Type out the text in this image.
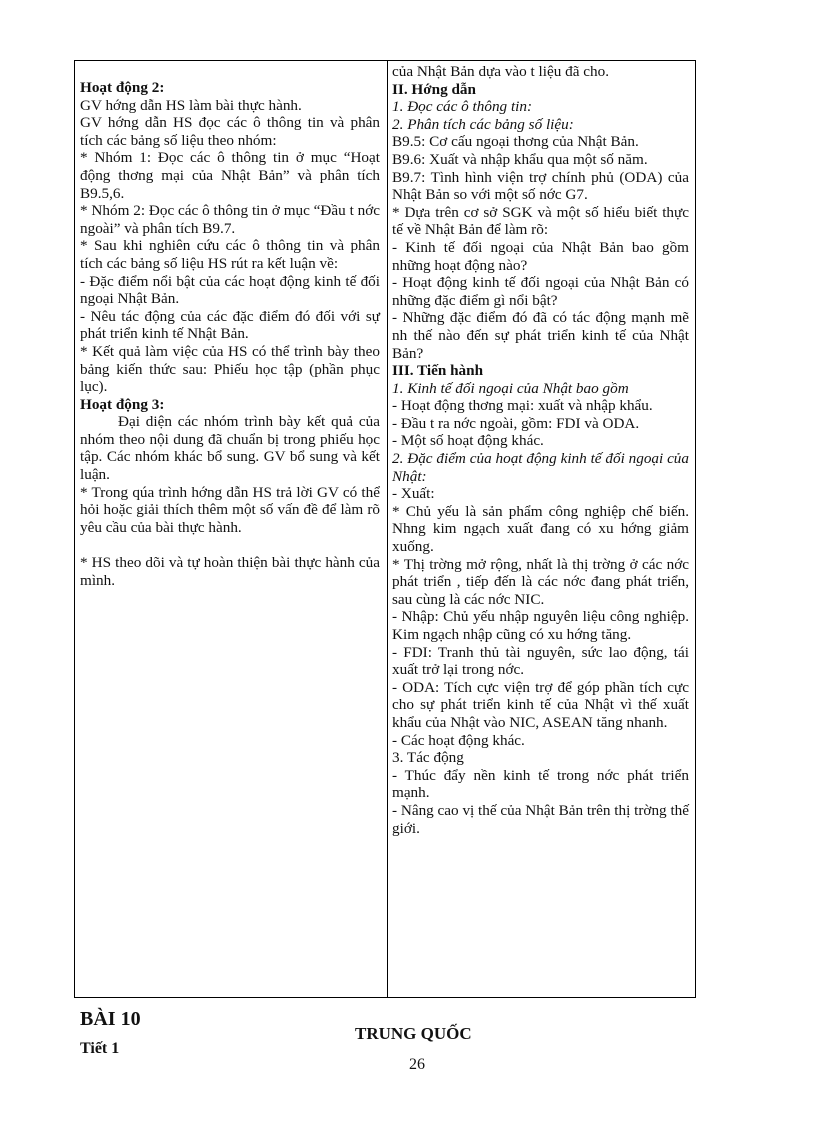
Hoạt động 2:

GV hớng dẫn HS làm bài thực hành.

GV hớng dẫn HS đọc các ô thông tin và phân tích các bảng số liệu theo nhóm:

* Nhóm 1: Đọc các ô thông tin ở mục “Hoạt động thơng mại của Nhật Bản” và phân tích B9.5,6.

* Nhóm 2: Đọc các ô thông tin ở mục “Đầu t nớc ngoài” và phân tích B9.7.

* Sau khi nghiên cứu các ô thông tin và phân tích các bảng số liệu HS rút ra kết luận về:

- Đặc điểm nổi bật của các hoạt động kinh tế đối ngoại Nhật Bản.

- Nêu tác động của các đặc điểm đó đối với sự phát triển kinh tế Nhật Bản.

* Kết quả làm việc của HS có thể trình bày theo bảng kiến thức sau: Phiếu học tập (phần phục lục).

Hoạt động 3:

Đại diện các nhóm trình bày kết quả của nhóm theo nội dung đã chuẩn bị trong phiếu học tập. Các nhóm khác bổ sung. GV bổ sung và kết luận.

* Trong qúa trình hớng dẫn HS trả lời GV có thể hỏi hoặc giải thích thêm một số vấn đề để làm rõ yêu cầu của bài thực hành.

* HS theo dõi và tự hoàn thiện bài thực hành của mình.

của Nhật Bản dựa vào t liệu đã cho.

II. Hớng dẫn

1. Đọc các ô thông tin:

2. Phân tích các bảng số liệu:

B9.5: Cơ cấu ngoại thơng của Nhật Bản.

B9.6: Xuất và nhập khẩu qua một số năm.

B9.7: Tình hình viện trợ chính phủ (ODA) của Nhật Bản so với một số nớc G7.

* Dựa trên cơ sở SGK và một số hiểu biết thực tế về Nhật Bản để làm rõ:

- Kinh tế đối ngoại của Nhật Bản bao gồm những hoạt động nào?

- Hoạt động kinh tế đối ngoại của Nhật Bản có những đặc điểm gì nổi bật?

- Những đặc điểm đó đã có tác động mạnh mẽ nh thế nào đến sự phát triển kinh tế của Nhật Bản?

III. Tiến hành

1. Kinh tế đối ngoại của Nhật bao gồm

- Hoạt động thơng mại: xuất và nhập khẩu.

- Đầu t ra nớc ngoài, gồm: FDI và ODA.

- Một số hoạt động khác.

2. Đặc điểm của hoạt động kinh tế đối ngoại của Nhật:

- Xuất:

* Chủ yếu là sản phẩm công nghiệp chế biến. Nhng kim ngạch xuất đang có xu hớng giảm xuống.

* Thị trờng mở rộng, nhất là thị trờng ở các nớc phát triển , tiếp đến là các nớc đang phát triển, sau cùng là các nớc NIC.

- Nhập: Chủ yếu nhập nguyên liệu công nghiệp. Kim ngạch nhập cũng có xu hớng tăng.

- FDI: Tranh thủ tài nguyên, sức lao động, tái xuất trở lại trong nớc.

- ODA: Tích cực viện trợ để góp phần tích cực cho sự phát triển kinh tế của Nhật vì thế xuất khẩu của Nhật vào NIC, ASEAN tăng nhanh.

- Các hoạt động khác.

3. Tác động

- Thúc đẩy nền kinh tế trong nớc phát triển mạnh.

- Nâng cao vị thế của Nhật Bản trên thị trờng thế giới.

BÀI 10
Tiết 1
TRUNG QUỐC
26
